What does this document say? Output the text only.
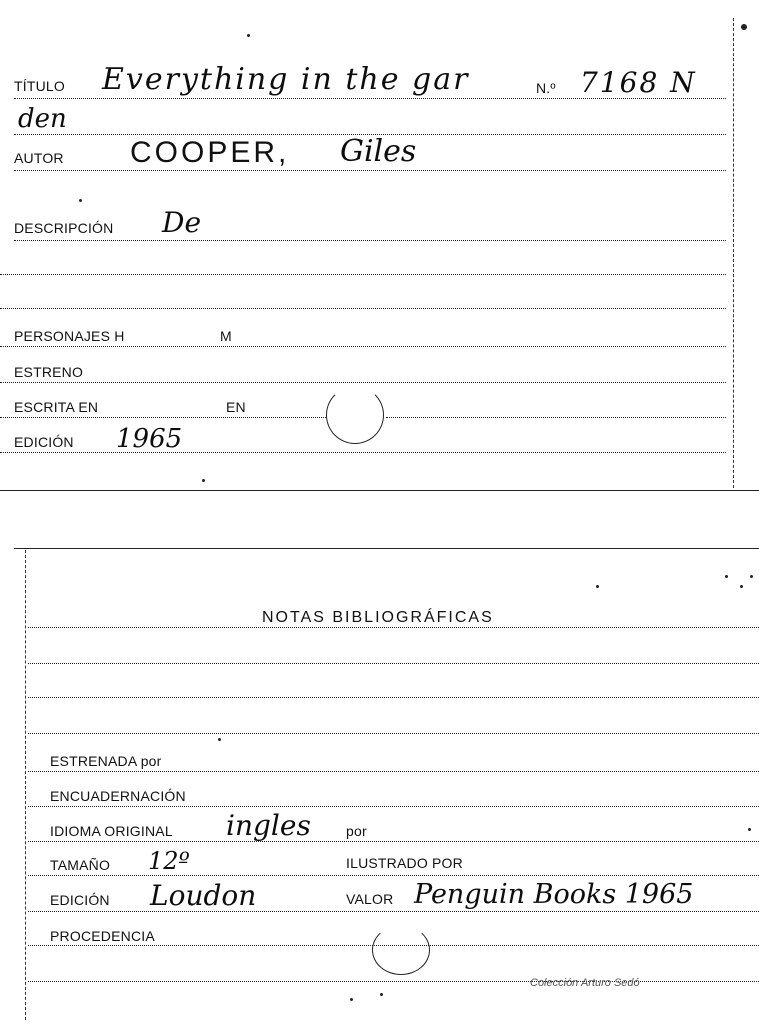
TÍTULO Everything in the gar	N.º 7168 N
den
AUTOR COOPER, Giles
DESCRIPCIÓN De
PERSONAJES H	M
ESTRENO
ESCRITA EN	EN
EDICIÓN 1965
NOTAS BIBLIOGRÁFICAS
ESTRENADA por
ENCUADERNACIÓN
IDIOMA ORIGINAL ingles	por
TAMAÑO 12º	ILUSTRADO POR
EDICIÓN Loudon	VALOR Penguin Books 1965
PROCEDENCIA
Colección Arturo Sedó
